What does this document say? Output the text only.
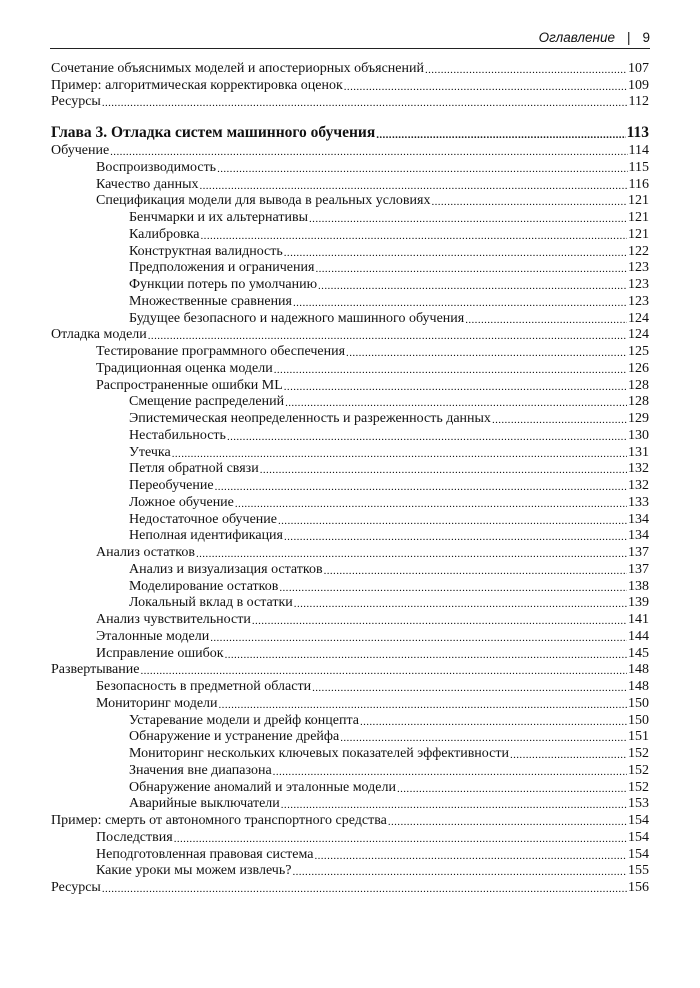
Оглавление | 9
Сочетание объяснимых моделей и апостериорных объяснений .....	107
Пример: алгоритмическая корректировка оценок .....	109
Ресурсы .....	112
Глава 3. Отладка систем машинного обучения .....	113
Обучение .....	114
Воспроизводимость .....	115
Качество данных .....	116
Спецификация модели для вывода в реальных условиях .....	121
Бенчмарки и их альтернативы .....	121
Калибровка .....	121
Конструктная валидность .....	122
Предположения и ограничения .....	123
Функции потерь по умолчанию .....	123
Множественные сравнения .....	123
Будущее безопасного и надежного машинного обучения .....	124
Отладка модели .....	124
Тестирование программного обеспечения .....	125
Традиционная оценка модели .....	126
Распространенные ошибки ML .....	128
Смещение распределений .....	128
Эпистемическая неопределенность и разреженность данных .....	129
Нестабильность .....	130
Утечка .....	131
Петля обратной связи .....	132
Переобучение .....	132
Ложное обучение .....	133
Недостаточное обучение .....	134
Неполная идентификация .....	134
Анализ остатков .....	137
Анализ и визуализация остатков .....	137
Моделирование остатков .....	138
Локальный вклад в остатки .....	139
Анализ чувствительности .....	141
Эталонные модели .....	144
Исправление ошибок .....	145
Развертывание .....	148
Безопасность в предметной области .....	148
Мониторинг модели .....	150
Устаревание модели и дрейф концепта .....	150
Обнаружение и устранение дрейфа .....	151
Мониторинг нескольких ключевых показателей эффективности .....	152
Значения вне диапазона .....	152
Обнаружение аномалий и эталонные модели .....	152
Аварийные выключатели .....	153
Пример: смерть от автономного транспортного средства .....	154
Последствия .....	154
Неподготовленная правовая система .....	154
Какие уроки мы можем извлечь? .....	155
Ресурсы .....	156
